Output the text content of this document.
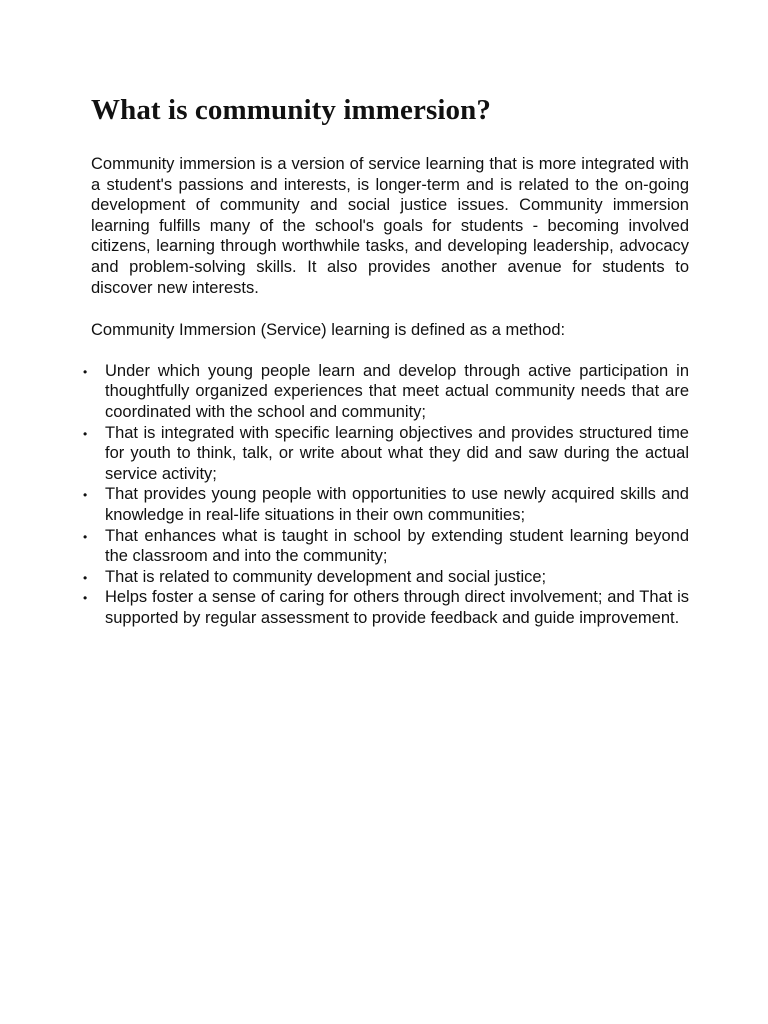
What is community immersion?

Community immersion is a version of service learning that is more integrated with a student's passions and interests, is longer-term and is related to the on-going development of community and social justice issues. Community immersion learning fulfills many of the school's goals for students - becoming involved citizens, learning through worthwhile tasks, and developing leadership, advocacy and problem-solving skills. It also provides another avenue for students to discover new interests.

Community Immersion (Service) learning is defined as a method:

• Under which young people learn and develop through active participation in thoughtfully organized experiences that meet actual community needs that are coordinated with the school and community;
• That is integrated with specific learning objectives and provides structured time for youth to think, talk, or write about what they did and saw during the actual service activity;
• That provides young people with opportunities to use newly acquired skills and knowledge in real-life situations in their own communities;
• That enhances what is taught in school by extending student learning beyond the classroom and into the community;
• That is related to community development and social justice;
• Helps foster a sense of caring for others through direct involvement; and That is supported by regular assessment to provide feedback and guide improvement.
